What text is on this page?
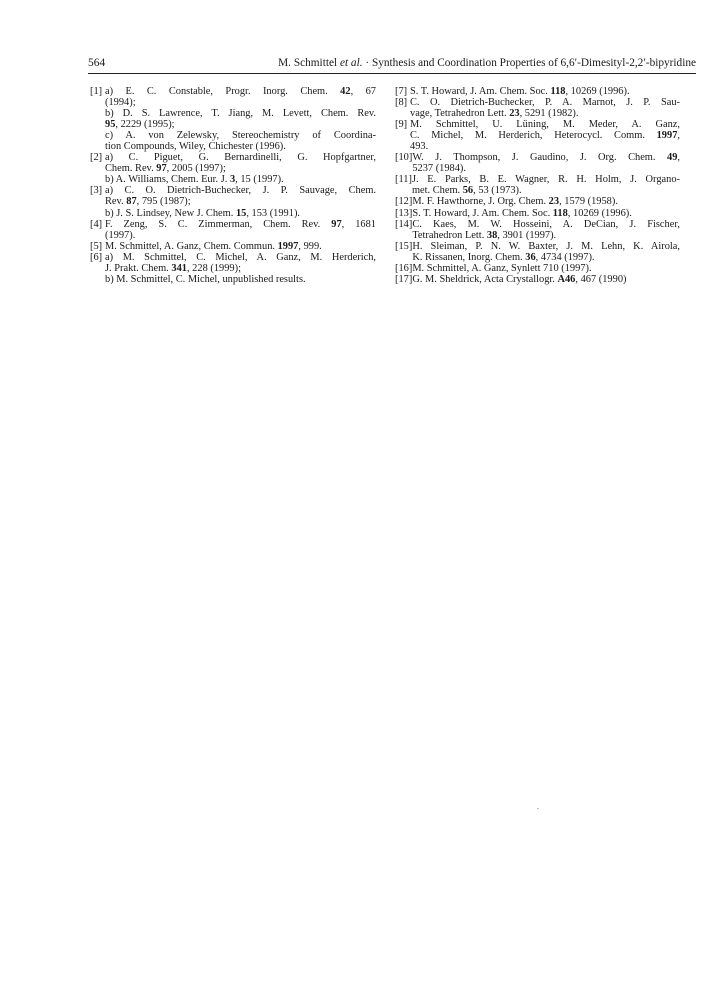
564	M. Schmittel et al. · Synthesis and Coordination Properties of 6,6′-Dimesityl-2,2′-bipyridine
[1] a) E. C. Constable, Progr. Inorg. Chem. 42, 67
(1994);
b) D. S. Lawrence, T. Jiang, M. Levett, Chem. Rev.
95, 2229 (1995);
c) A. von Zelewsky, Stereochemistry of Coordina-
tion Compounds, Wiley, Chichester (1996).
[2] a) C. Piguet, G. Bernardinelli, G. Hopfgartner,
Chem. Rev. 97, 2005 (1997);
b) A. Williams, Chem. Eur. J. 3, 15 (1997).
[3] a) C. O. Dietrich-Buchecker, J. P. Sauvage, Chem.
Rev. 87, 795 (1987);
b) J. S. Lindsey, New J. Chem. 15, 153 (1991).
[4] F. Zeng, S. C. Zimmerman, Chem. Rev. 97, 1681
(1997).
[5] M. Schmittel, A. Ganz, Chem. Commun. 1997, 999.
[6] a) M. Schmittel, C. Michel, A. Ganz, M. Herderich,
J. Prakt. Chem. 341, 228 (1999);
b) M. Schmittel, C. Michel, unpublished results.
[7] S. T. Howard, J. Am. Chem. Soc. 118, 10269 (1996).
[8] C. O. Dietrich-Buchecker, P. A. Marnot, J. P. Sau-
vage, Tetrahedron Lett. 23, 5291 (1982).
[9] M. Schmittel, U. Lüning, M. Meder, A. Ganz,
C. Michel, M. Herderich, Heterocycl. Comm. 1997,
493.
[10] W. J. Thompson, J. Gaudino, J. Org. Chem. 49,
5237 (1984).
[11] J. E. Parks, B. E. Wagner, R. H. Holm, J. Organo-
met. Chem. 56, 53 (1973).
[12] M. F. Hawthorne, J. Org. Chem. 23, 1579 (1958).
[13] S. T. Howard, J. Am. Chem. Soc. 118, 10269 (1996).
[14] C. Kaes, M. W. Hosseini, A. DeCian, J. Fischer,
Tetrahedron Lett. 38, 3901 (1997).
[15] H. Sleiman, P. N. W. Baxter, J. M. Lehn, K. Airola,
K. Rissanen, Inorg. Chem. 36, 4734 (1997).
[16] M. Schmittel, A. Ganz, Synlett 710 (1997).
[17] G. M. Sheldrick, Acta Crystallogr. A46, 467 (1990)
